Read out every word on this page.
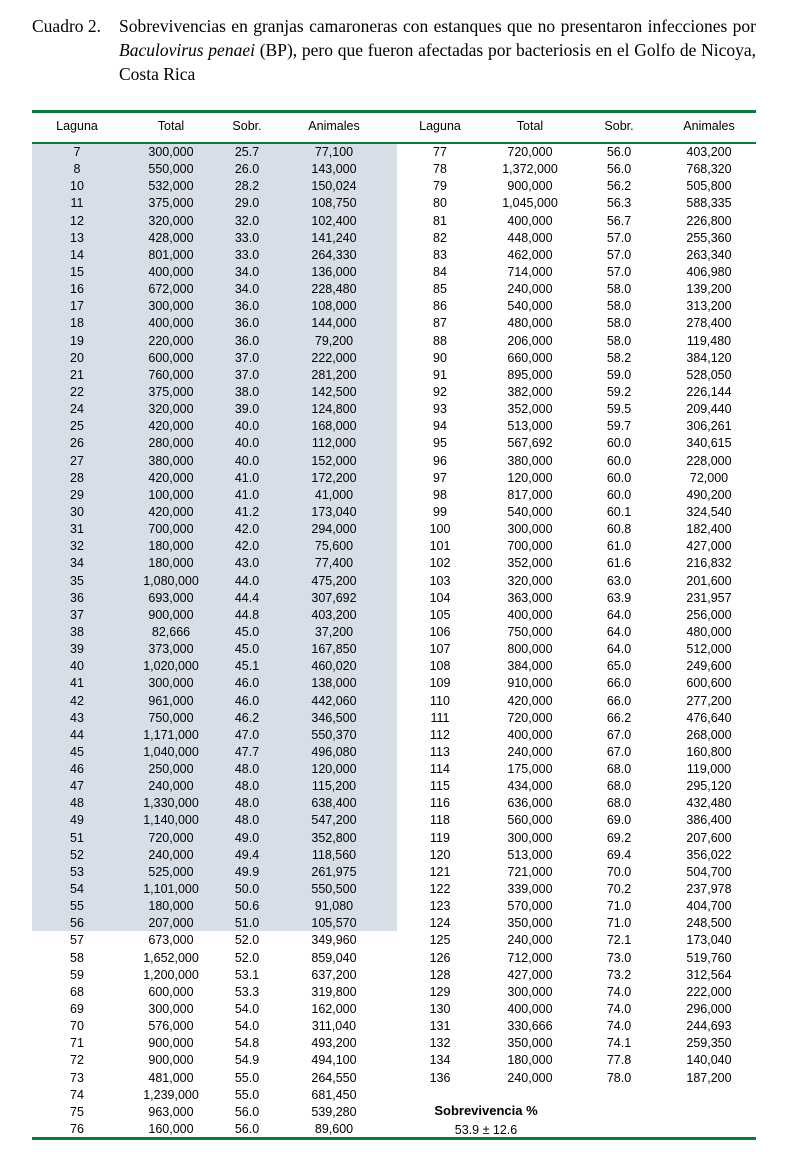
Cuadro 2. Sobrevivencias en granjas camaroneras con estanques que no presentaron infecciones por Baculovirus penaei (BP), pero que fueron afectadas por bacteriosis en el Golfo de Nicoya, Costa Rica
Laguna	Total	Sobr.	Animales	Laguna	Total	Sobr.	Animales
7	300,000	25.7	77,100
8	550,000	26.0	143,000
10	532,000	28.2	150,024
11	375,000	29.0	108,750
12	320,000	32.0	102,400
13	428,000	33.0	141,240
14	801,000	33.0	264,330
15	400,000	34.0	136,000
16	672,000	34.0	228,480
17	300,000	36.0	108,000
18	400,000	36.0	144,000
19	220,000	36.0	79,200
20	600,000	37.0	222,000
21	760,000	37.0	281,200
22	375,000	38.0	142,500
24	320,000	39.0	124,800
25	420,000	40.0	168,000
26	280,000	40.0	112,000
27	380,000	40.0	152,000
28	420,000	41.0	172,200
29	100,000	41.0	41,000
30	420,000	41.2	173,040
31	700,000	42.0	294,000
32	180,000	42.0	75,600
34	180,000	43.0	77,400
35	1,080,000	44.0	475,200
36	693,000	44.4	307,692
37	900,000	44.8	403,200
38	82,666	45.0	37,200
39	373,000	45.0	167,850
40	1,020,000	45.1	460,020
41	300,000	46.0	138,000
42	961,000	46.0	442,060
43	750,000	46.2	346,500
44	1,171,000	47.0	550,370
45	1,040,000	47.7	496,080
46	250,000	48.0	120,000
47	240,000	48.0	115,200
48	1,330,000	48.0	638,400
49	1,140,000	48.0	547,200
51	720,000	49.0	352,800
52	240,000	49.4	118,560
53	525,000	49.9	261,975
54	1,101,000	50.0	550,500
55	180,000	50.6	91,080
56	207,000	51.0	105,570
57	673,000	52.0	349,960
58	1,652,000	52.0	859,040
59	1,200,000	53.1	637,200
68	600,000	53.3	319,800
69	300,000	54.0	162,000
70	576,000	54.0	311,040
71	900,000	54.8	493,200
72	900,000	54.9	494,100
73	481,000	55.0	264,550
74	1,239,000	55.0	681,450
75	963,000	56.0	539,280
76	160,000	56.0	89,600
77	720,000	56.0	403,200
78	1,372,000	56.0	768,320
79	900,000	56.2	505,800
80	1,045,000	56.3	588,335
81	400,000	56.7	226,800
82	448,000	57.0	255,360
83	462,000	57.0	263,340
84	714,000	57.0	406,980
85	240,000	58.0	139,200
86	540,000	58.0	313,200
87	480,000	58.0	278,400
88	206,000	58.0	119,480
90	660,000	58.2	384,120
91	895,000	59.0	528,050
92	382,000	59.2	226,144
93	352,000	59.5	209,440
94	513,000	59.7	306,261
95	567,692	60.0	340,615
96	380,000	60.0	228,000
97	120,000	60.0	72,000
98	817,000	60.0	490,200
99	540,000	60.1	324,540
100	300,000	60.8	182,400
101	700,000	61.0	427,000
102	352,000	61.6	216,832
103	320,000	63.0	201,600
104	363,000	63.9	231,957
105	400,000	64.0	256,000
106	750,000	64.0	480,000
107	800,000	64.0	512,000
108	384,000	65.0	249,600
109	910,000	66.0	600,600
110	420,000	66.0	277,200
111	720,000	66.2	476,640
112	400,000	67.0	268,000
113	240,000	67.0	160,800
114	175,000	68.0	119,000
115	434,000	68.0	295,120
116	636,000	68.0	432,480
118	560,000	69.0	386,400
119	300,000	69.2	207,600
120	513,000	69.4	356,022
121	721,000	70.0	504,700
122	339,000	70.2	237,978
123	570,000	71.0	404,700
124	350,000	71.0	248,500
125	240,000	72.1	173,040
126	712,000	73.0	519,760
128	427,000	73.2	312,564
129	300,000	74.0	222,000
130	400,000	74.0	296,000
131	330,666	74.0	244,693
132	350,000	74.1	259,350
134	180,000	77.8	140,040
136	240,000	78.0	187,200
Sobrevivencia %
53.9 ± 12.6
